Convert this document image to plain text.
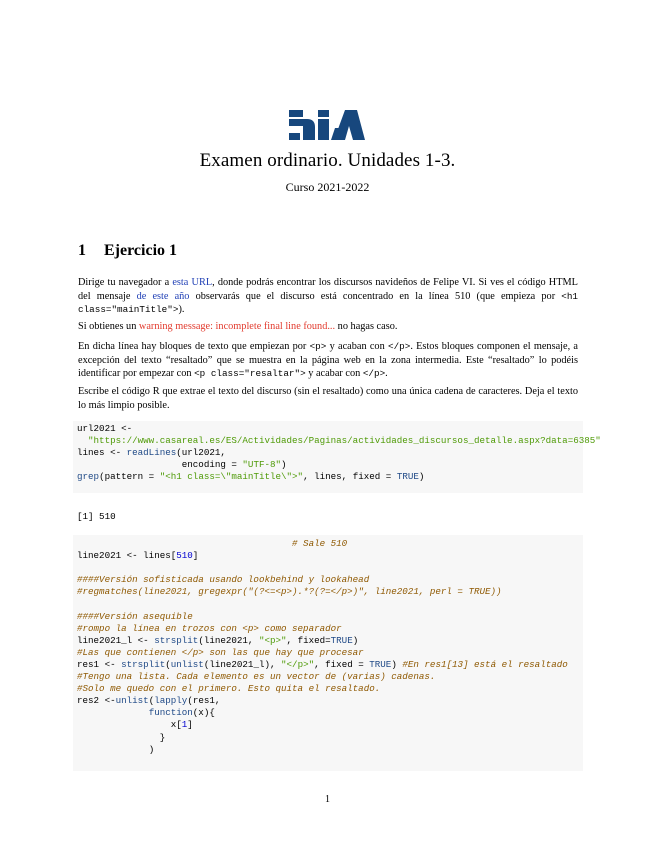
Examen ordinario. Unidades 1-3.
Curso 2021-2022
1 Ejercicio 1
Dirige tu navegador a esta URL, donde podrás encontrar los discursos navideños de Felipe VI. Si ves el código HTML del mensaje de este año observarás que el discurso está concentrado en la línea 510 (que empieza por <h1 class="mainTitle">).
Si obtienes un warning message: incomplete final line found... no hagas caso.
En dicha línea hay bloques de texto que empiezan por <p> y acaban con </p>. Estos bloques componen el mensaje, a excepción del texto “resaltado” que se muestra en la página web en la zona intermedia. Este “resaltado” lo podéis identificar por empezar con <p class="resaltar"> y acabar con </p>.
Escribe el código R que extrae el texto del discurso (sin el resaltado) como una única cadena de caracteres. Deja el texto lo más limpio posible.
url2021 <-
"https://www.casareal.es/ES/Actividades/Paginas/actividades_discursos_detalle.aspx?data=6385"
lines <- readLines(url2021,
encoding = "UTF-8")
grep(pattern = "<h1 class=\"mainTitle\">", lines, fixed = TRUE)
[1] 510
# Sale 510
line2021 <- lines[510]

####Versión sofisticada usando lookbehind y lookahead
#regmatches(line2021, gregexpr("(?<=<p>).*?(?=</p>)", line2021, perl = TRUE))

####Versión asequible
#rompo la línea en trozos con <p> como separador
line2021_l <- strsplit(line2021, "<p>", fixed=TRUE)
#Las que contienen </p> son las que hay que procesar
res1 <- strsplit(unlist(line2021_l), "</p>", fixed = TRUE) #En res1[13] está el resaltado
#Tengo una lista. Cada elemento es un vector de (varias) cadenas.
#Solo me quedo con el primero. Esto quita el resaltado.
res2 <-unlist(lapply(res1,
function(x){
x[1]
}
)
1
